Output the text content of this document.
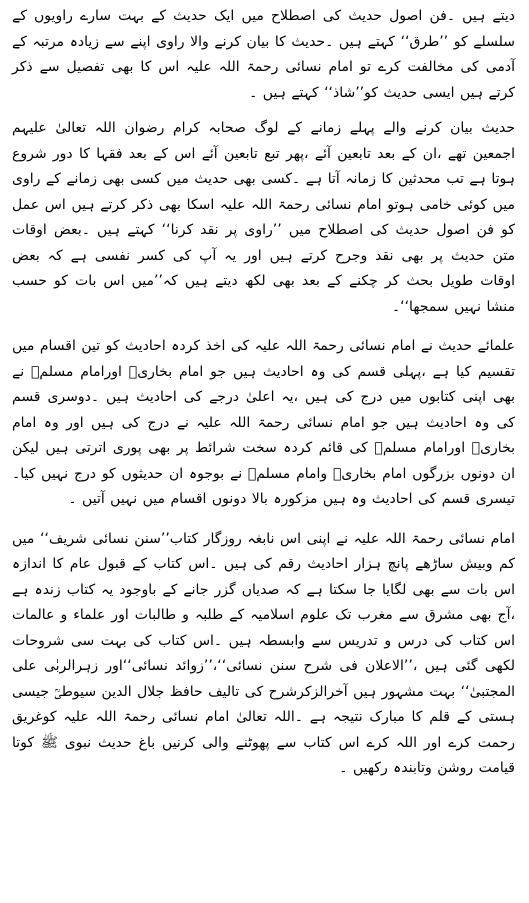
دیتے ہیں ۔فن اصول حدیث کی اصطلاح میں ایک حدیث کے بہت سارے راویوں کے سلسلے کو ’’طرق‘‘ کہتے ہیں ۔حدیث کا بیان کرنے والا راوی اپنے سے زیادہ مرتبہ کے آدمی کی مخالفت کرے تو امام نسائی رحمۃ اللہ علیہ اس کا بھی تفصیل سے ذکر کرتے ہیں ایسی حدیث کو’’شاذ‘‘ کہتے ہیں ۔

حدیث بیان کرنے والے پہلے زمانے کے لوگ صحابہ کرام رضوان اللہ تعالیٰ علیہم اجمعین تھے ،ان کے بعد تابعین آئے ،پھر تبع تابعین آئے اس کے بعد فقہا کا دور شروع ہوتا ہے تب محدثین کا زمانہ آتا ہے ۔کسی بھی حدیث میں کسی بھی زمانے کے راوی میں کوئی خامی ہوتو امام نسائی رحمۃ اللہ علیہ اسکا بھی ذکر کرتے ہیں اس عمل کو فن اصول حدیث کی اصطلاح میں ’’راوی پر نقد کرنا‘‘ کہتے ہیں ۔بعض اوقات متن حدیث پر بھی نقد وجرح کرتے ہیں اور یہ آپ کی کسر نفسی ہے کہ بعض اوقات طویل بحث کر چکنے کے بعد بھی لکھ دیتے ہیں کہ’’میں اس بات کو حسب منشا نہیں سمجھا‘‘۔

علمائے حدیث نے امام نسائی رحمۃ اللہ علیہ کی اخذ کردہ احادیث کو تین اقسام میں تقسیم کیا ہے ،پہلی قسم کی وہ احادیث ہیں جو امام بخاریؒ اورامام مسلمؒ نے بھی اپنی کتابوں میں درج کی ہیں ،یہ اعلیٰ درجے کی احادیث ہیں ۔دوسری قسم کی وہ احادیث ہیں جو امام نسائی رحمۃ اللہ علیہ نے درج کی ہیں اور وہ امام بخاریؒ اورامام مسلمؒ کی قائم کردہ سخت شرائط پر بھی پوری اترتی ہیں لیکن ان دونوں بزرگوں امام بخاریؒ وامام مسلمؒ نے بوجوہ ان حدیثوں کو درج نہیں کیا۔تیسری قسم کی احادیث وہ ہیں مزکورہ بالا دونوں اقسام میں نہیں آتیں ۔

امام نسائی رحمۃ اللہ علیہ نے اپنی اس نابغہ روزگار کتاب’’سنن نسائی شریف‘‘ میں کم وبیش ساڑھے پانچ ہزار احادیث رقم کی ہیں ۔اس کتاب کے قبول عام کا اندازہ اس بات سے بھی لگایا جا سکتا ہے کہ صدیاں گزر جانے کے باوجود یہ کتاب زندہ ہے ،آج بھی مشرق سے مغرب تک علوم اسلامیہ کے طلبہ و طالبات اور علماء و عالمات اس کتاب کی درس و تدریس سے وابسطہ ہیں ۔اس کتاب کی بہت سی شروحات لکھی گئی ہیں ،’’الاعلان فی شرح سنن نسائی‘‘،’’زوائد نسائی‘‘اور زہرالربٰی علی المجتبیٰ‘‘ بہت مشہور ہیں آخرالزکرشرح کی تالیف حافظ جلال الدین سیوطیؒ جیسی ہستی کے قلم کا مبارک نتیجہ ہے ۔اللہ تعالیٰ امام نسائی رحمۃ اللہ علیہ کوغریق رحمت کرے اور اللہ کرے اس کتاب سے پھوٹنے والی کرنیں باغ حدیث نبوی ﷺ کوتا قیامت روشن وتابندہ رکھیں ۔
